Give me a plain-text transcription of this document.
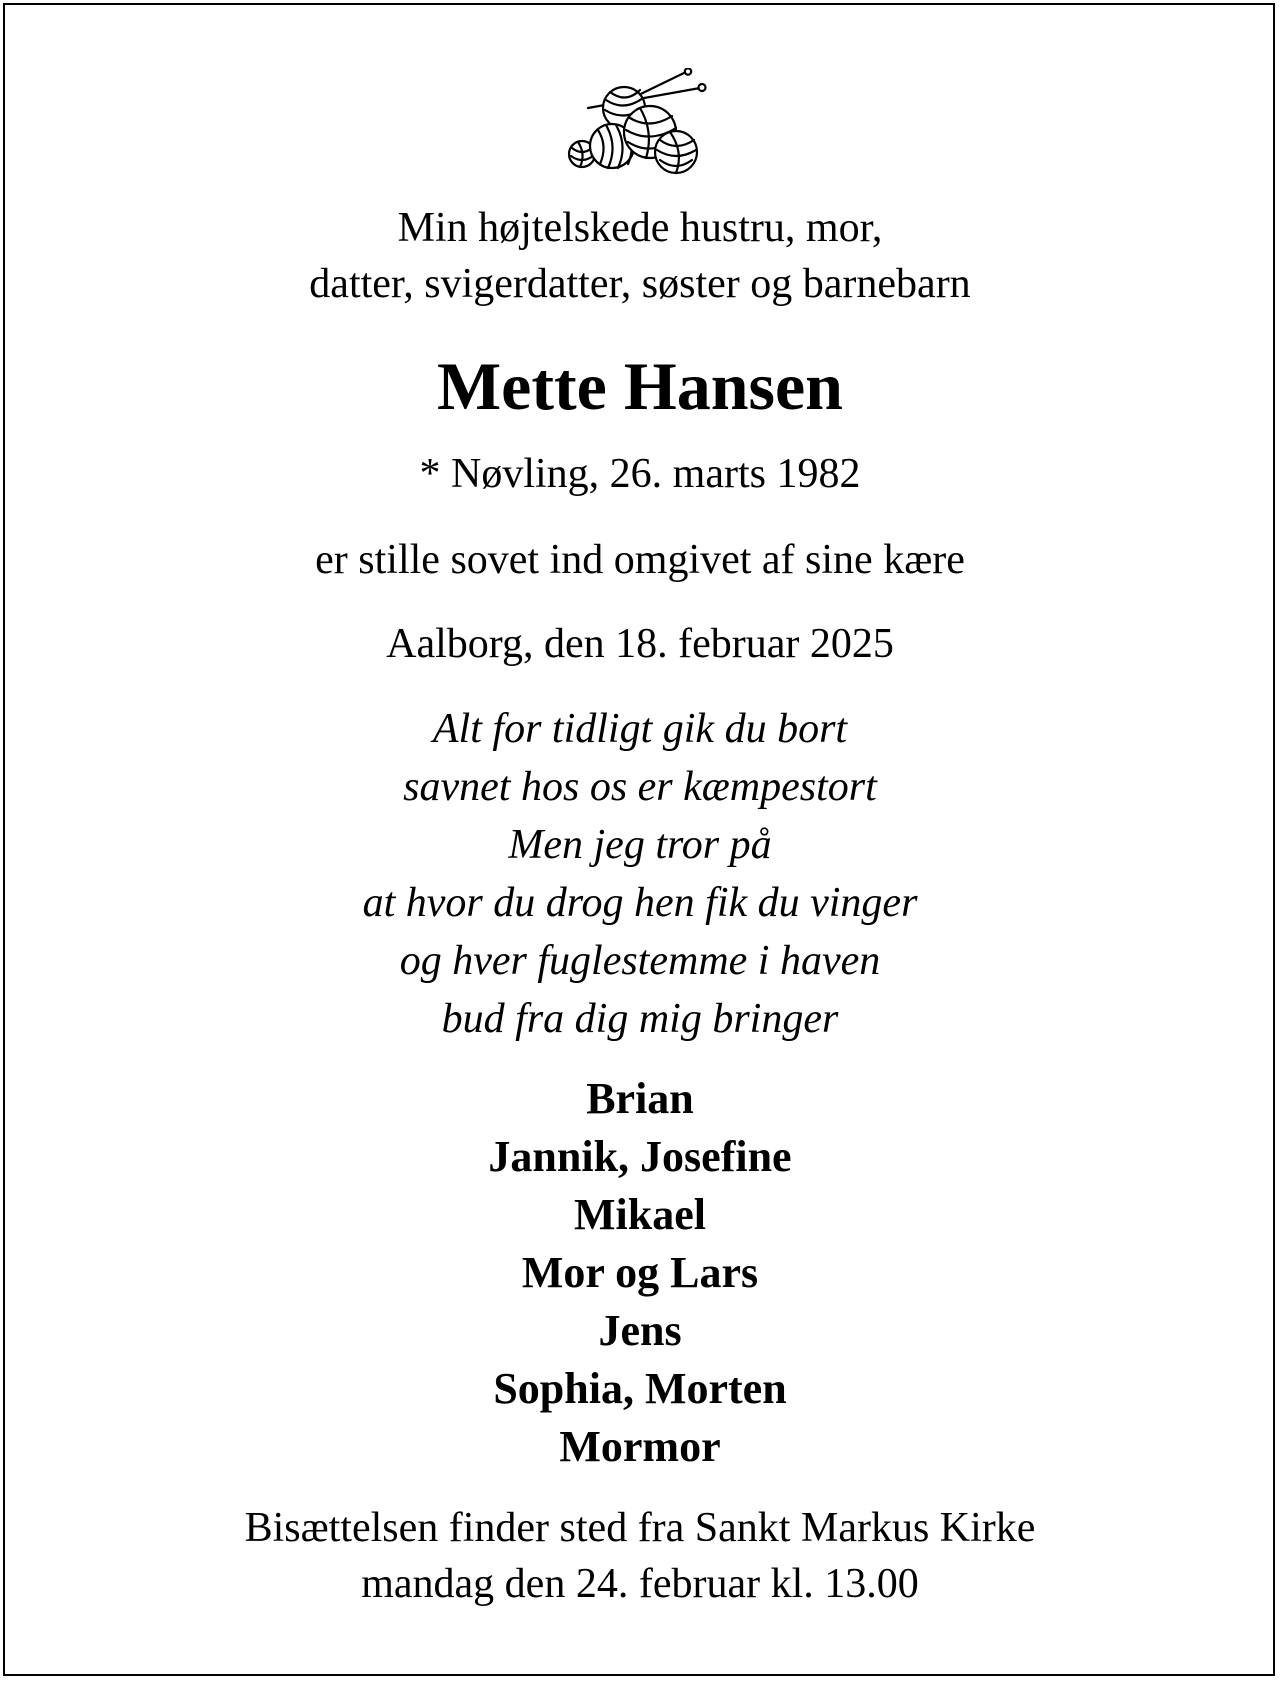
Min højtelskede hustru, mor,
datter, svigerdatter, søster og barnebarn
Mette Hansen
* Nøvling, 26. marts 1982
er stille sovet ind omgivet af sine kære
Aalborg, den 18. februar 2025
Alt for tidligt gik du bort
savnet hos os er kæmpestort
Men jeg tror på
at hvor du drog hen fik du vinger
og hver fuglestemme i haven
bud fra dig mig bringer
Brian
Jannik, Josefine
Mikael
Mor og Lars
Jens
Sophia, Morten
Mormor
Bisættelsen finder sted fra Sankt Markus Kirke
mandag den 24. februar kl. 13.00
